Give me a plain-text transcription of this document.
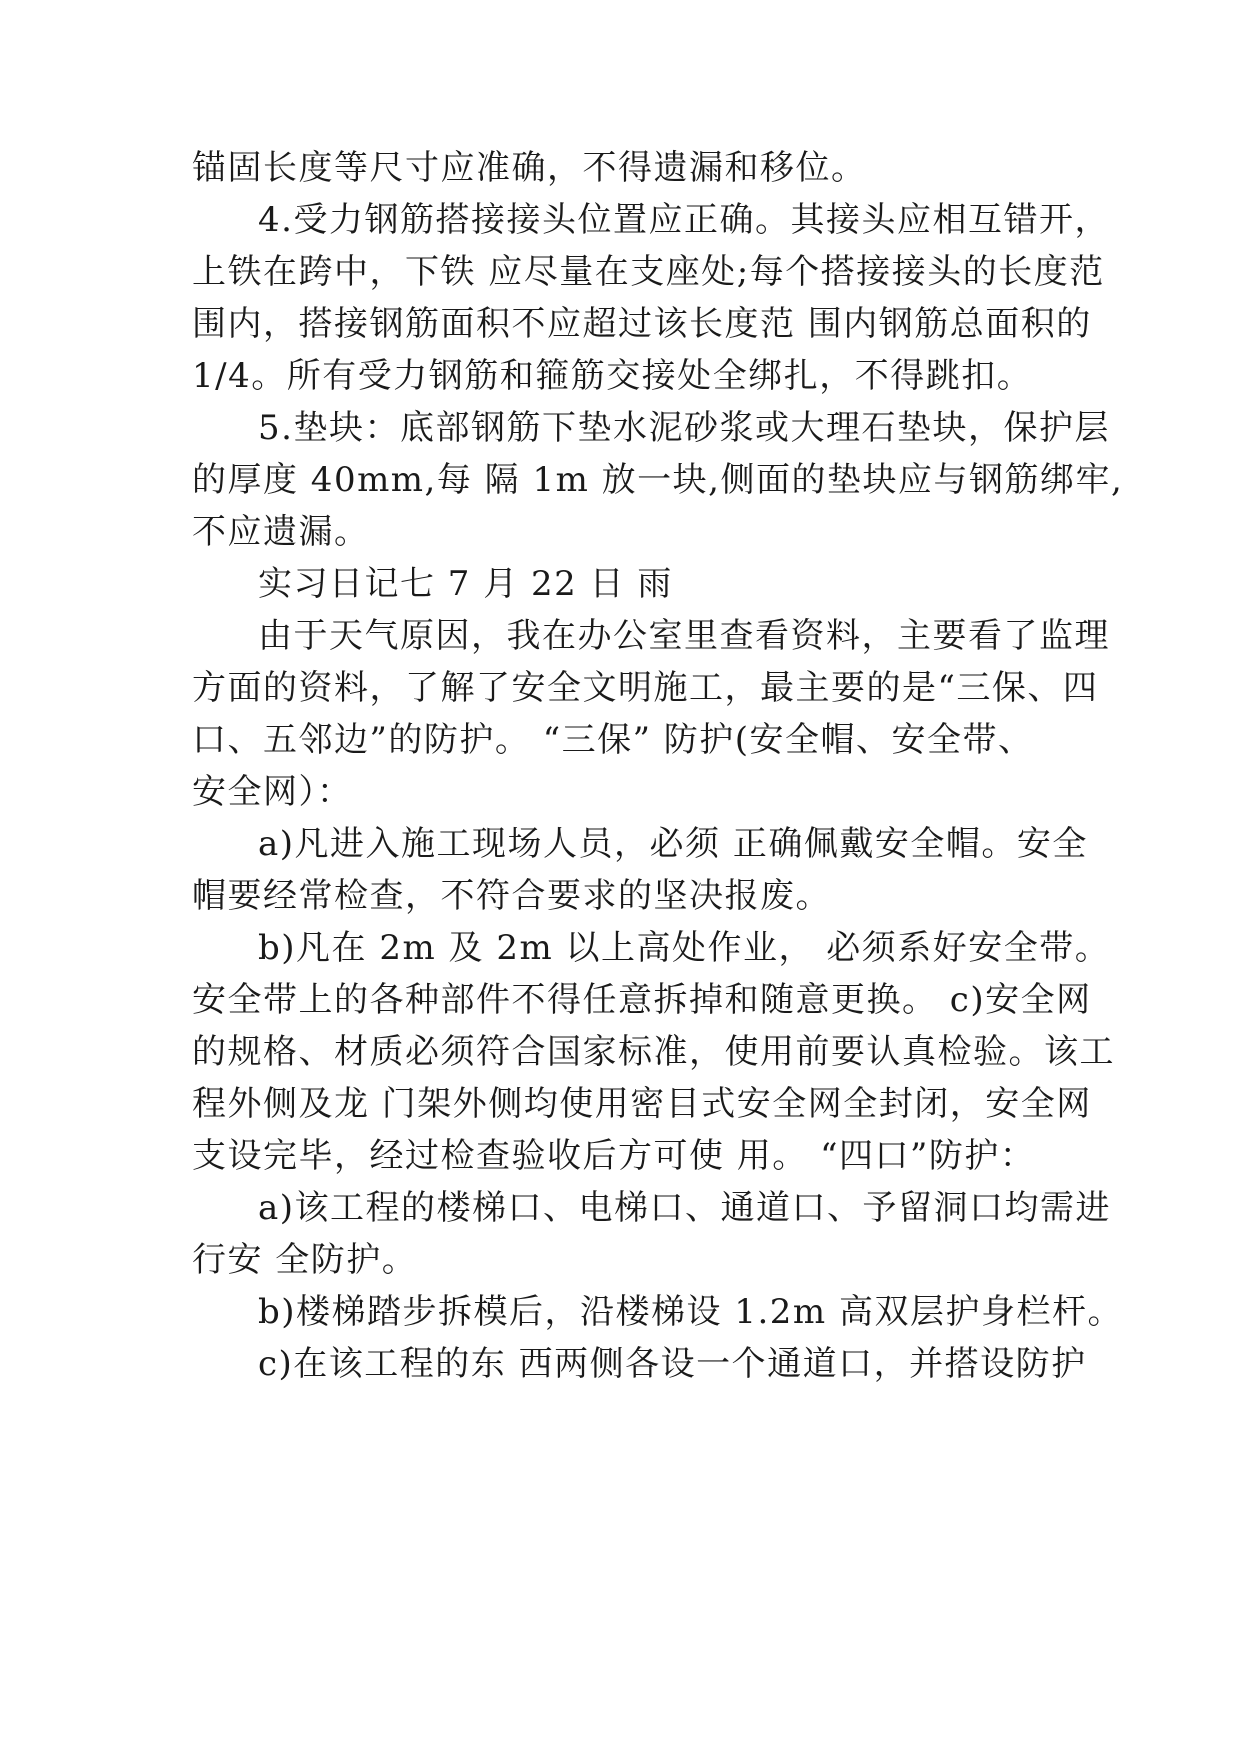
锚固长度等尺寸应准确，不得遗漏和移位。
4.受力钢筋搭接接头位置应正确。其接头应相互错开，
上铁在跨中，下铁 应尽量在支座处;每个搭接接头的长度范
围内，搭接钢筋面积不应超过该长度范 围内钢筋总面积的
1/4。所有受力钢筋和箍筋交接处全绑扎，不得跳扣。
5.垫块：底部钢筋下垫水泥砂浆或大理石垫块，保护层
的厚度 40mm,每 隔 1m 放一块,侧面的垫块应与钢筋绑牢,
不应遗漏。
实习日记七 7 月 22 日 雨
由于天气原因，我在办公室里查看资料，主要看了监理
方面的资料，了解了安全文明施工，最主要的是“三保、四
口、五邻边”的防护。 “三保” 防护(安全帽、安全带、
安全网）：
a)凡进入施工现场人员，必须 正确佩戴安全帽。安全
帽要经常检查，不符合要求的坚决报废。
b)凡在 2m 及 2m 以上高处作业， 必须系好安全带。
安全带上的各种部件不得任意拆掉和随意更换。 c)安全网
的规格、材质必须符合国家标准，使用前要认真检验。该工
程外侧及龙 门架外侧均使用密目式安全网全封闭，安全网
支设完毕，经过检查验收后方可使 用。 “四口”防护：
a)该工程的楼梯口、电梯口、通道口、予留洞口均需进
行安 全防护。
b)楼梯踏步拆模后，沿楼梯设 1.2m 高双层护身栏杆。
c)在该工程的东 西两侧各设一个通道口，并搭设防护
